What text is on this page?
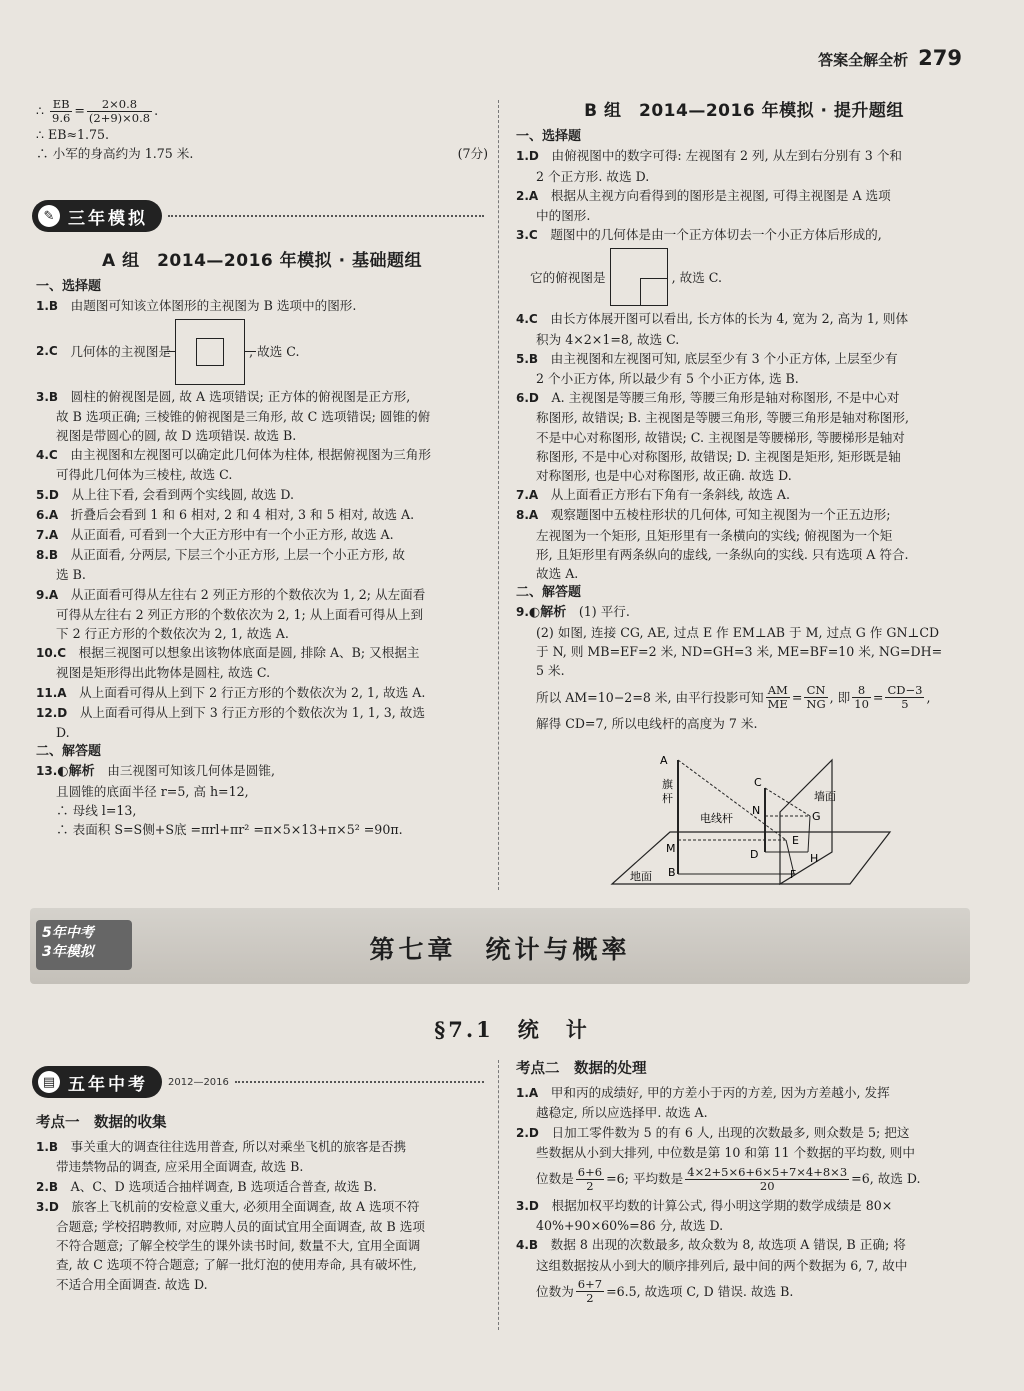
答案全解全析 279

∴ $\frac{EB}{9.6} = \frac{2\times 0.8}{(2+9)\times 0.8}$ .

∴ EB≈1.75.

∴ 小军的身高约为 1.75 米.	(7分)

✎ 三年模拟
A 组　2014—2016 年模拟 · 基础题组

一、选择题

1.B　 由题图可知该立体图形的主视图为 B 选项中的图形.

2.C
　 几何体的主视图是	, 故选 C.

3.B　 圆柱的俯视图是圆, 故 A 选项错误; 正方体的俯视图是正方形,

故 B 选项正确; 三棱锥的俯视图是三角形, 故 C 选项错误; 圆锥的俯

视图是带圆心的圆, 故 D 选项错误. 故选 B.

4.C　 由主视图和左视图可以确定此几何体为柱体, 根据俯视图为三角形

可得此几何体为三棱柱, 故选 C.

5.D　 从上往下看, 会看到两个实线圆, 故选 D.

6.A　 折叠后会看到 1 和 6 相对, 2 和 4 相对, 3 和 5 相对, 故选 A.

7.A　 从正面看, 可看到一个大正方形中有一个小正方形, 故选 A.

8.B　 从正面看, 分两层, 下层三个小正方形, 上层一个小正方形, 故

选 B.

9.A　 从正面看可得从左往右 2 列正方形的个数依次为 1, 2; 从左面看

可得从左往右 2 列正方形的个数依次为 2, 1; 从上面看可得从上到

下 2 行正方形的个数依次为 2, 1, 故选 A.

10.C　 根据三视图可以想象出该物体底面是圆, 排除 A、B; 又根据主

视图是矩形得出此物体是圆柱, 故选 C.

11.A　 从上面看可得从上到下 2 行正方形的个数依次为 2, 1, 故选 A.

12.D　 从上面看可得从上到下 3 行正方形的个数依次为 1, 1, 3, 故选

D.

二、解答题

13.◐解析　 由三视图可知该几何体是圆锥,

且圆锥的底面半径 r=5, 高 h=12,

∴ 母线 l=13,

∴ 表面积 S=S侧+S底 =πrl+πr² =π×5×13+π×5² =90π.

B 组　2014—2016 年模拟 · 提升题组

一、选择题

1.D　 由俯视图中的数字可得: 左视图有 2 列, 从左到右分别有 3 个和

2 个正方形. 故选 D.

2.A　 根据从主视方向看得到的图形是主视图, 可得主视图是 A 选项

中的图形.

3.C　 题图中的几何体是由一个正方体切去一个小正方体后形成的,

它的俯视图是	, 故选 C.

4.C　 由长方体展开图可以看出, 长方体的长为 4, 宽为 2, 高为 1, 则体

积为 4×2×1=8, 故选 C.

5.B　 由主视图和左视图可知, 底层至少有 3 个小正方体, 上层至少有

2 个小正方体, 所以最少有 5 个小正方体, 选 B.

6.D　 A. 主视图是等腰三角形, 等腰三角形是轴对称图形, 不是中心对

称图形, 故错误; B. 主视图是等腰三角形, 等腰三角形是轴对称图形,

不是中心对称图形, 故错误; C. 主视图是等腰梯形, 等腰梯形是轴对

称图形, 不是中心对称图形, 故错误; D. 主视图是矩形, 矩形既是轴

对称图形, 也是中心对称图形, 故正确. 故选 D.

7.A　 从上面看正方形右下角有一条斜线, 故选 A.

8.A　 观察题图中五棱柱形状的几何体, 可知主视图为一个正五边形;

左视图为一个矩形, 且矩形里有一条横向的实线; 俯视图为一个矩

形, 且矩形里有两条纵向的虚线, 一条纵向的实线. 只有选项 A 符合.

故选 A.

二、解答题

9.◐解析　 (1) 平行.

(2) 如图, 连接 CG, AE, 过点 E 作 EM⊥AB 于 M, 过点 G 作 GN⊥CD

于 N, 则 MB=EF=2 米, ND=GH=3 米, ME=BF=10 米, NG=DH=

5 米.

所以 AM=10−2=8 米, 由平行投影可知 $\frac{AM}{ME} = \frac{CN}{NG}$ , 即 $\frac{8}{10} = \frac{CD-3}{5}$ ,

解得 CD=7, 所以电线杆的高度为 7 米.

A
旗
杆
电线杆
墙面
地面
C
N	G
M
E
D	H
B	F
5年中考
3年模拟	第七章　统计与概率
§7.1　统　计
▤ 五年中考 2012—2016
考点一　数据的收集

1.B　 事关重大的调查往往选用普查, 所以对乘坐飞机的旅客是否携

带违禁物品的调查, 应采用全面调查, 故选 B.

2.B　 A、C、D 选项适合抽样调查, B 选项适合普查, 故选 B.

3.D　 旅客上飞机前的安检意义重大, 必须用全面调查, 故 A 选项不符

合题意; 学校招聘教师, 对应聘人员的面试宜用全面调查, 故 B 选项

不符合题意; 了解全校学生的课外读书时间, 数量不大, 宜用全面调

查, 故 C 选项不符合题意; 了解一批灯泡的使用寿命, 具有破坏性,

不适合用全面调查. 故选 D.

考点二　数据的处理

1.A　 甲和丙的成绩好, 甲的方差小于丙的方差, 因为方差越小, 发挥

越稳定, 所以应选择甲. 故选 A.

2.D　 日加工零件数为 5 的有 6 人, 出现的次数最多, 则众数是 5; 把这

些数据从小到大排列, 中位数是第 10 和第 11 个数据的平均数, 则中

位数是 $\frac{6+6}{2} =6$; 平均数是 $\frac{4\times 2+5\times 6+6\times 5+7\times 4+8\times 3}{20} =6$, 故选 D.

3.D　 根据加权平均数的计算公式, 得小明这学期的数学成绩是 80×

40%+90×60%=86 分, 故选 D.

4.B　 数据 8 出现的次数最多, 故众数为 8, 故选项 A 错误, B 正确; 将

这组数据按从小到大的顺序排列后, 最中间的两个数据为 6, 7, 故中

位数为 $\frac{6+7}{2} =6.5$, 故选项 C, D 错误. 故选 B.
